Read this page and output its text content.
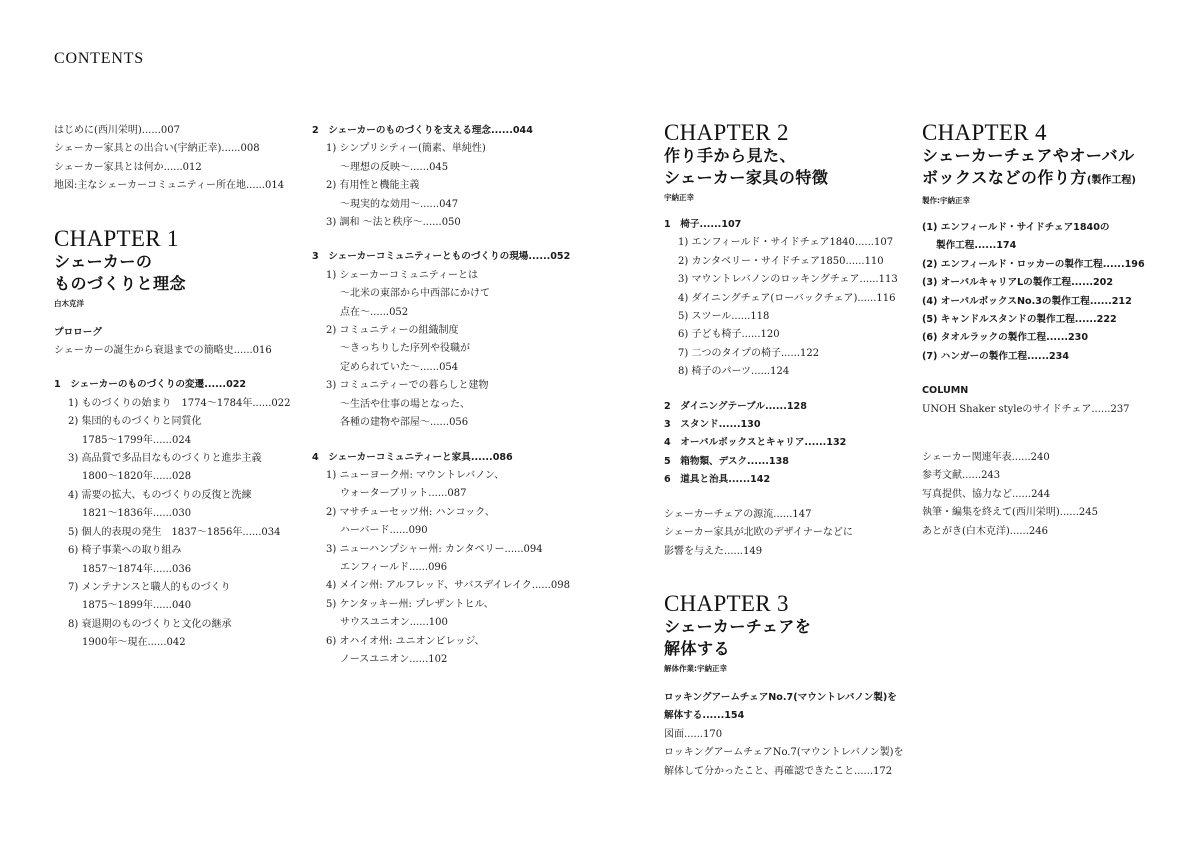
CONTENTS
はじめに(西川栄明)......007
シェーカー家具との出合い(宇納正幸)......008
シェーカー家具とは何か......012
地図:主なシェーカーコミュニティー所在地......014
CHAPTER 1
シェーカーの
ものづくりと理念
白木克洋
プロローグ
シェーカーの誕生から衰退までの簡略史......016
1　シェーカーのものづくりの変遷......022
1) ものづくりの始まり　1774〜1784年......022
2) 集団的ものづくりと同質化
1785〜1799年......024
3) 高品質で多品目なものづくりと進歩主義
1800〜1820年......028
4) 需要の拡大、ものづくりの反復と洗練
1821〜1836年......030
5) 個人的表現の発生　1837〜1856年......034
6) 椅子事業への取り組み
1857〜1874年......036
7) メンテナンスと職人的ものづくり
1875〜1899年......040
8) 衰退期のものづくりと文化の継承
1900年〜現在......042
2　シェーカーのものづくりを支える理念......044
1) シンプリシティー(簡素、単純性)
〜理想の反映〜......045
2) 有用性と機能主義
〜現実的な効用〜......047
3) 調和 〜法と秩序〜......050
3　シェーカーコミュニティーとものづくりの現場......052
1) シェーカーコミュニティーとは
〜北米の東部から中西部にかけて
点在〜......052
2) コミュニティーの組織制度
〜きっちりした序列や役職が
定められていた〜......054
3) コミュニティーでの暮らしと建物
〜生活や仕事の場となった、
各種の建物や部屋〜......056
4　シェーカーコミュニティーと家具......086
1) ニューヨーク州: マウントレバノン、
ウォーターブリット......087
2) マサチューセッツ州: ハンコック、
ハーバード......090
3) ニューハンプシャー州: カンタベリー......094
エンフィールド......096
4) メイン州: アルフレッド、サバスデイレイク......098
5) ケンタッキー州: プレザントヒル、
サウスユニオン......100
6) オハイオ州: ユニオンビレッジ、
ノースユニオン......102
CHAPTER 2
作り手から見た、
シェーカー家具の特徴
宇納正幸
1　椅子......107
1) エンフィールド・サイドチェア1840......107
2) カンタベリー・サイドチェア1850......110
3) マウントレバノンのロッキングチェア......113
4) ダイニングチェア(ローバックチェア)......116
5) スツール......118
6) 子ども椅子......120
7) 二つのタイプの椅子......122
8) 椅子のパーツ......124
2　ダイニングテーブル......128
3　スタンド......130
4　オーバルボックスとキャリア......132
5　箱物類、デスク......138
6　道具と治具......142
シェーカーチェアの源流......147
シェーカー家具が北欧のデザイナーなどに
影響を与えた......149
CHAPTER 3
シェーカーチェアを
解体する
解体作業:宇納正幸
ロッキングアームチェアNo.7(マウントレバノン製)を
解体する......154
図面......170
ロッキングアームチェアNo.7(マウントレバノン製)を
解体して分かったこと、再確認できたこと......172
CHAPTER 4
シェーカーチェアやオーバル
ボックスなどの作り方(製作工程)
製作:宇納正幸
(1) エンフィールド・サイドチェア1840の
製作工程......174
(2) エンフィールド・ロッカーの製作工程......196
(3) オーバルキャリアLの製作工程......202
(4) オーバルボックスNo.3の製作工程......212
(5) キャンドルスタンドの製作工程......222
(6) タオルラックの製作工程......230
(7) ハンガーの製作工程......234
COLUMN
UNOH Shaker styleのサイドチェア......237
シェーカー関連年表......240
参考文献......243
写真提供、協力など......244
執筆・編集を終えて(西川栄明)......245
あとがき(白木克洋)......246
